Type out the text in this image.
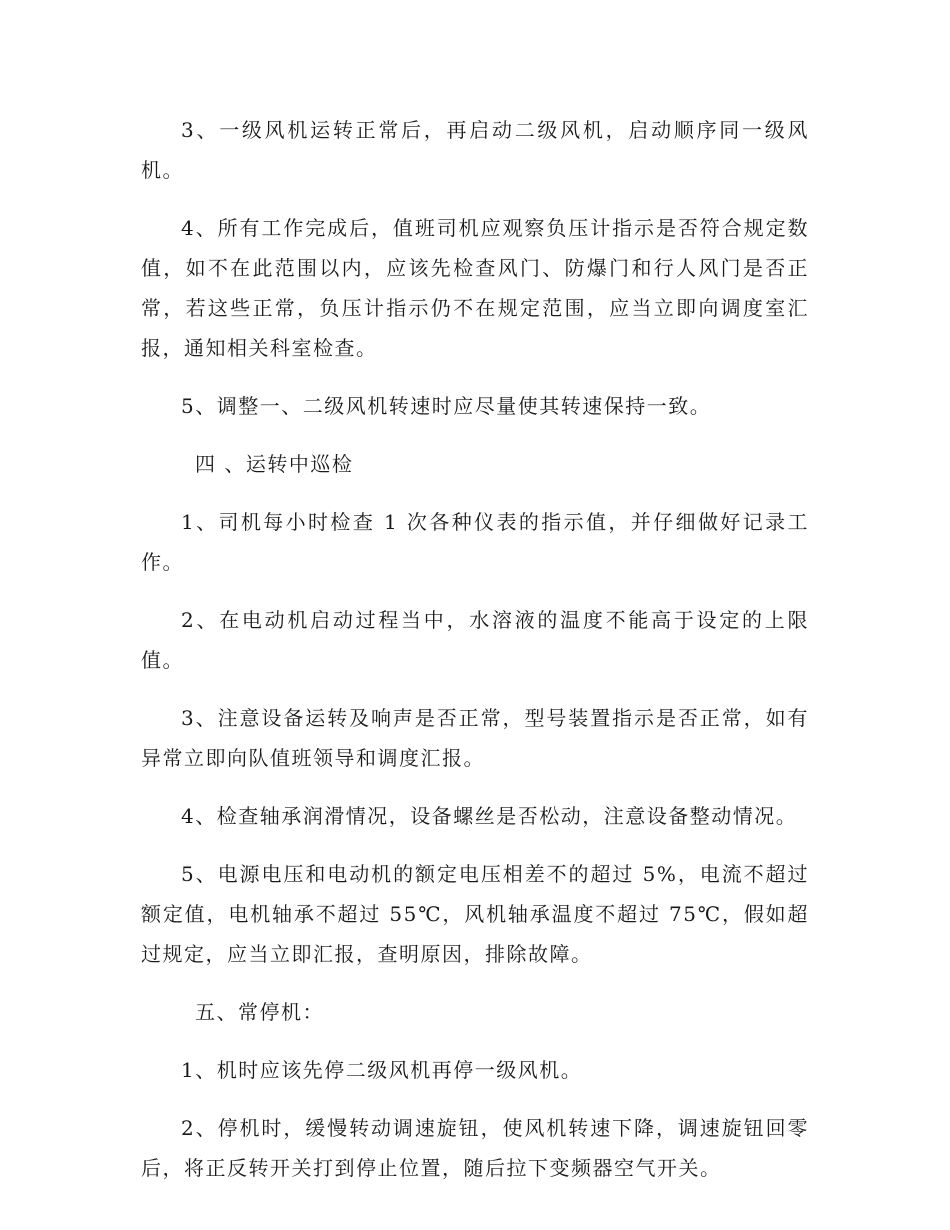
3、一级风机运转正常后，再启动二级风机，启动顺序同一级风机。

4、所有工作完成后，值班司机应观察负压计指示是否符合规定数值，如不在此范围以内，应该先检查风门、防爆门和行人风门是否正常，若这些正常，负压计指示仍不在规定范围，应当立即向调度室汇报，通知相关科室检查。

5、调整一、二级风机转速时应尽量使其转速保持一致。

四 、运转中巡检

1、司机每小时检查 1 次各种仪表的指示值，并仔细做好记录工作。

2、在电动机启动过程当中，水溶液的温度不能高于设定的上限值。

3、注意设备运转及响声是否正常，型号装置指示是否正常，如有异常立即向队值班领导和调度汇报。

4、检查轴承润滑情况，设备螺丝是否松动，注意设备整动情况。

5、电源电压和电动机的额定电压相差不的超过 5%，电流不超过额定值，电机轴承不超过 55℃，风机轴承温度不超过 75℃，假如超过规定，应当立即汇报，查明原因，排除故障。

五、常停机：

1、机时应该先停二级风机再停一级风机。

2、停机时，缓慢转动调速旋钮，使风机转速下降，调速旋钮回零后，将正反转开关打到停止位置，随后拉下变频器空气开关。
